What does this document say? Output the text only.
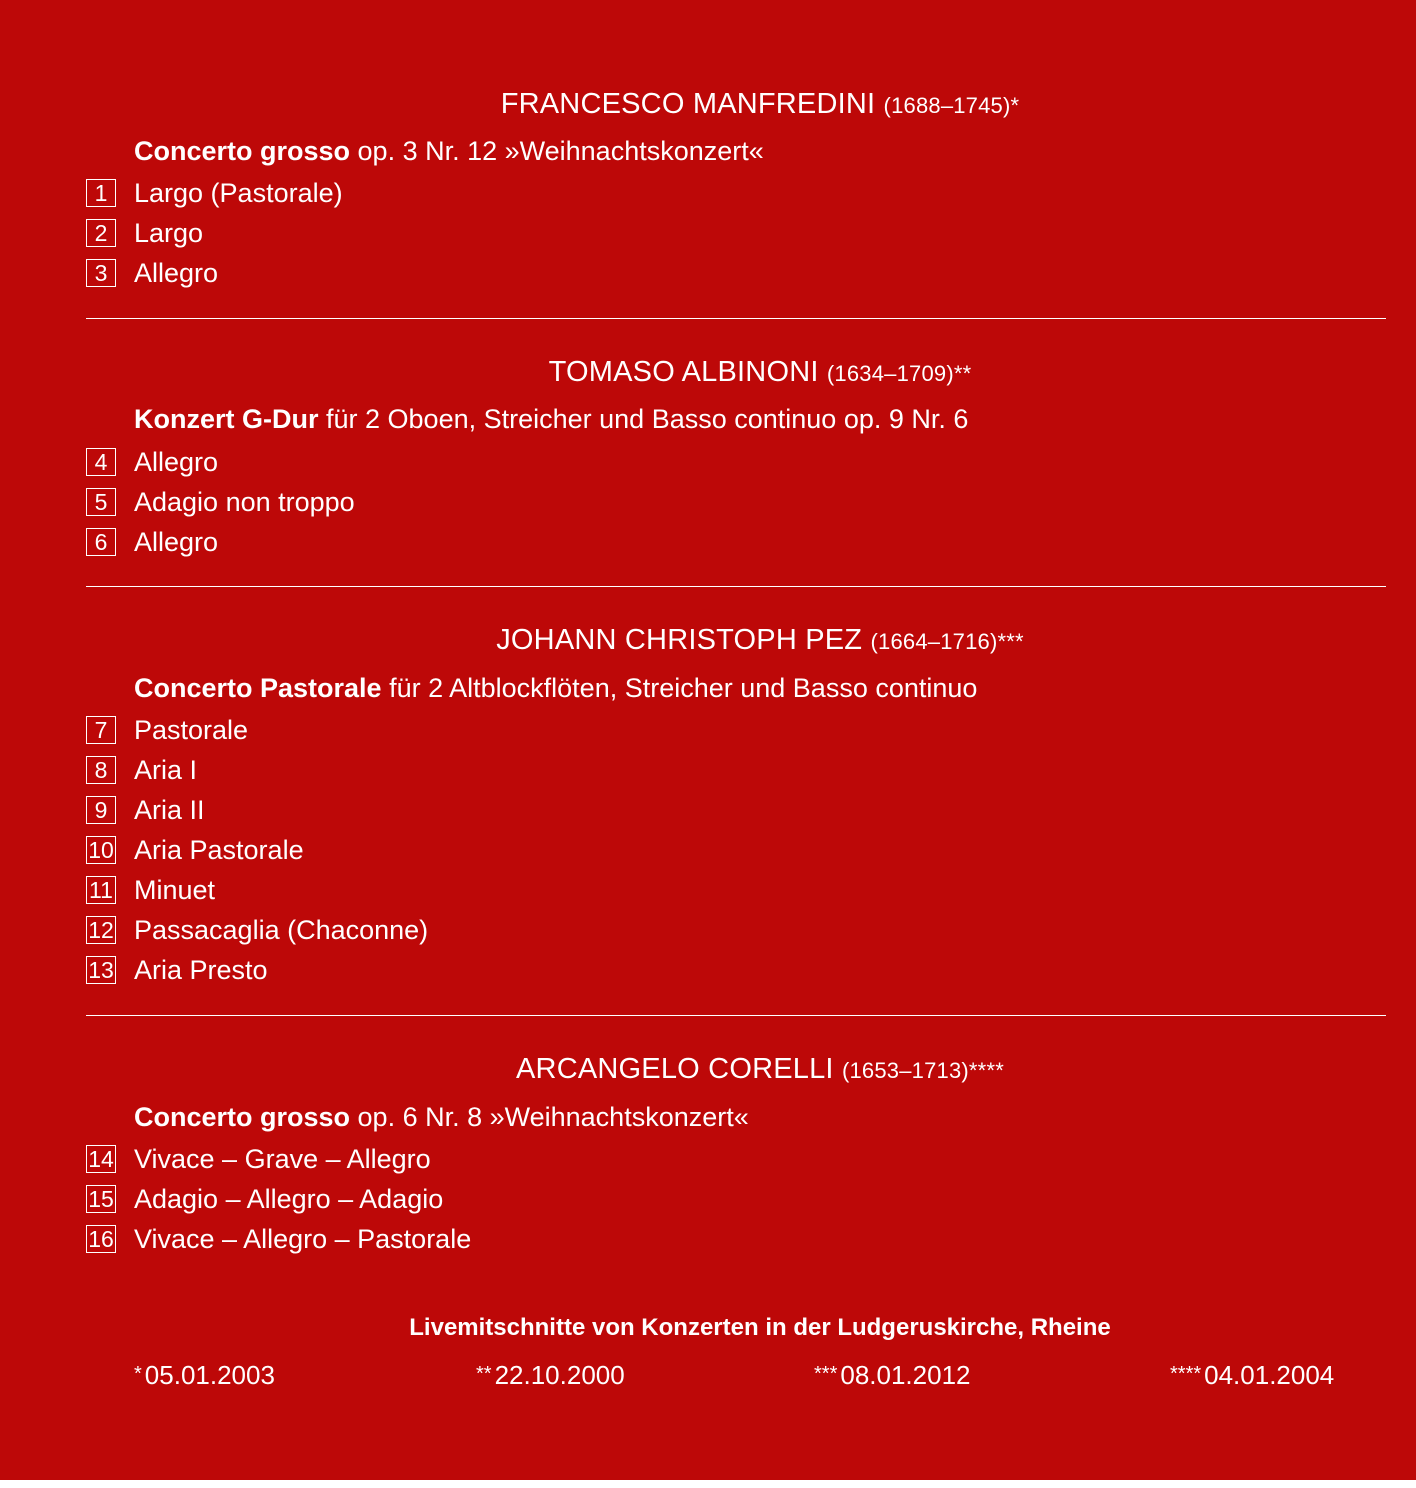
FRANCESCO MANFREDINI (1688–1745)*
Concerto grosso op. 3 Nr. 12 »Weihnachtskonzert«
1 Largo (Pastorale)
2 Largo
3 Allegro
TOMASO ALBINONI (1634–1709)**
Konzert G-Dur für 2 Oboen, Streicher und Basso continuo op. 9 Nr. 6
4 Allegro
5 Adagio non troppo
6 Allegro
JOHANN CHRISTOPH PEZ (1664–1716)***
Concerto Pastorale für 2 Altblockflöten, Streicher und Basso continuo
7 Pastorale
8 Aria I
9 Aria II
10 Aria Pastorale
11 Minuet
12 Passacaglia (Chaconne)
13 Aria Presto
ARCANGELO CORELLI (1653–1713)****
Concerto grosso op. 6 Nr. 8 »Weihnachtskonzert«
14 Vivace – Grave – Allegro
15 Adagio – Allegro – Adagio
16 Vivace – Allegro – Pastorale
Livemitschnitte von Konzerten in der Ludgeruskirche, Rheine
* 05.01.2003	** 22.10.2000	*** 08.01.2012	**** 04.01.2004
